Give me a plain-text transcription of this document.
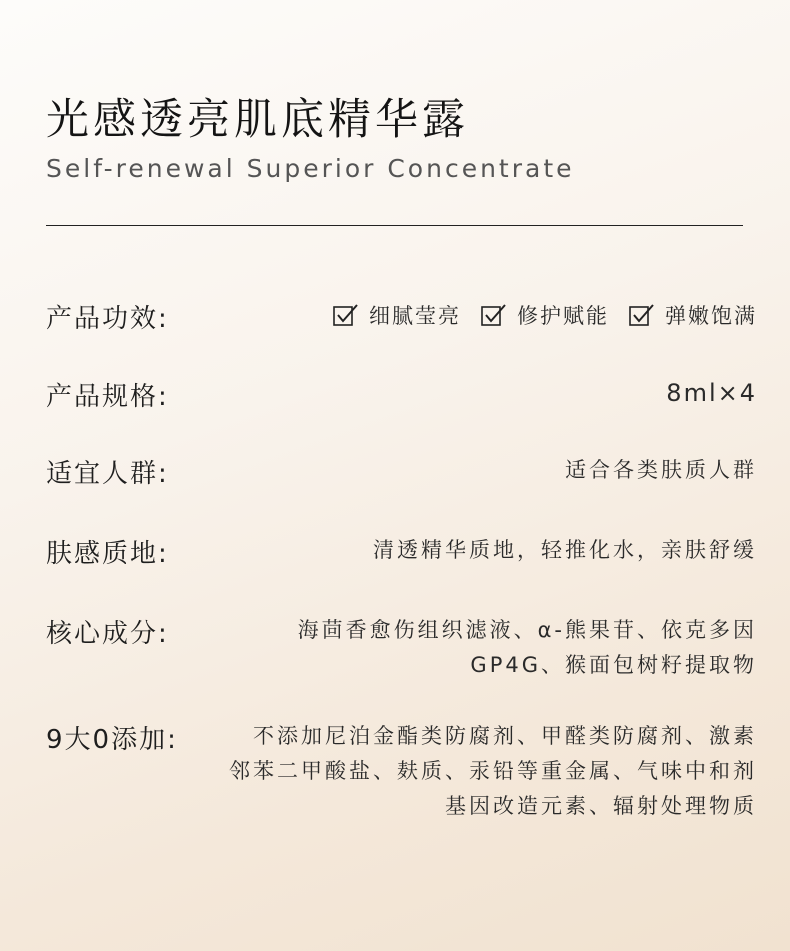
光感透亮肌底精华露
Self-renewal Superior Concentrate
产品功效:	细腻莹亮	修护赋能	弹嫩饱满
产品规格:	8ml×4
适宜人群:	适合各类肤质人群
肤感质地:	清透精华质地，轻推化水，亲肤舒缓
核心成分:	海茴香愈伤组织滤液、α-熊果苷、依克多因
GP4G、猴面包树籽提取物
9大0添加:	不添加尼泊金酯类防腐剂、甲醛类防腐剂、激素
邻苯二甲酸盐、麸质、汞铅等重金属、气味中和剂
基因改造元素、辐射处理物质
